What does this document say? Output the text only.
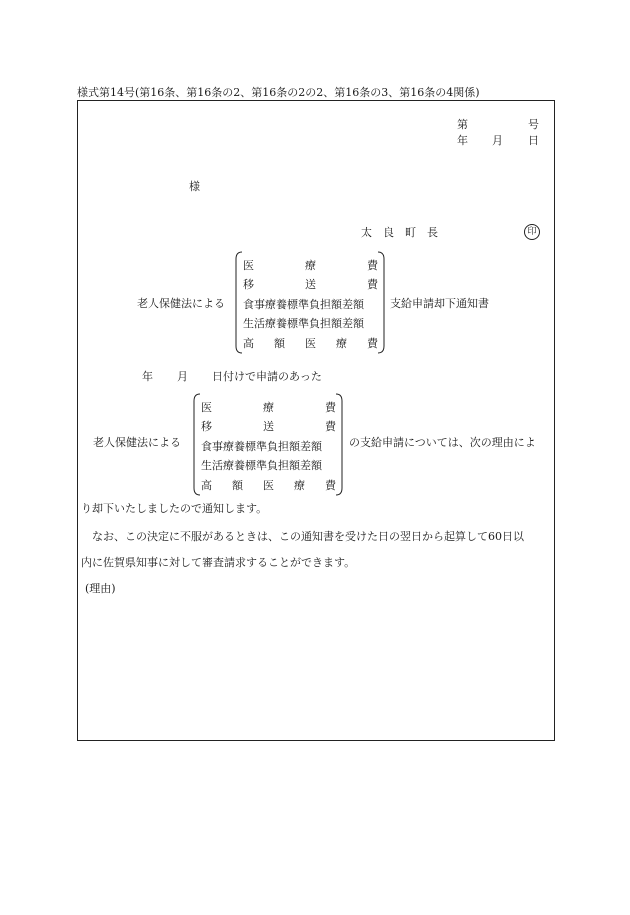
様式第14号(第16条、第16条の2、第16条の2の2、第16条の3、第16条の4関係)
第	号
年 月 日
様
太　良　町　長	印
老人保健法による
医	療	費
移	送	費
食事療養標準負担額差額
生活療養標準負担額差額
高 額 医 療 費
支給申請却下通知書
年 月 日付けで申請のあった
老人保健法による
医	療	費
移	送	費
食事療養標準負担額差額
生活療養標準負担額差額
高 額 医 療 費
の支給申請については、次の理由によ
り却下いたしましたので通知します。
　なお、この決定に不服があるときは、この通知書を受けた日の翌日から起算して60日以
内に佐賀県知事に対して審査請求することができます。
(理由)
